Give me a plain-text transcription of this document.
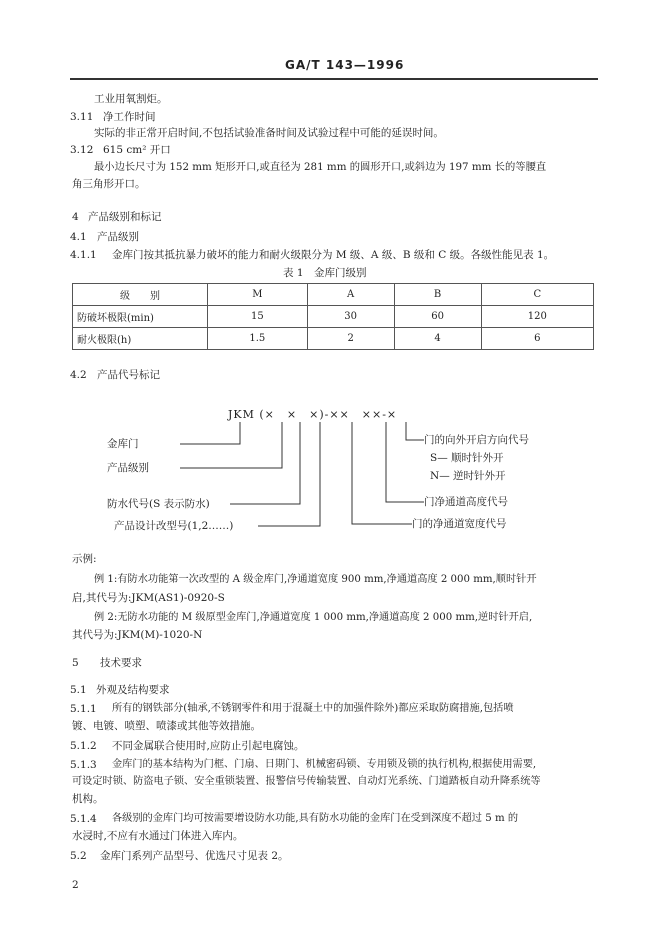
GA/T 143—1996
工业用氧割炬。
3.11 净工作时间
实际的非正常开启时间,不包括试验准备时间及试验过程中可能的延误时间。
3.12 615 cm² 开口
最小边长尺寸为 152 mm 矩形开口,或直径为 281 mm 的圆形开口,或斜边为 197 mm 长的等腰直
角三角形开口。
4 产品级别和标记
4.1 产品级别
4.1.1 金库门按其抵抗暴力破坏的能力和耐火级限分为 M 级、A 级、B 级和 C 级。各级性能见表 1。
表 1　金库门级别
级　　别	M	A	B	C
防破坏极限(min)	15	30	60	120
耐火极限(h)	1.5	2	4	6
4.2 产品代号标记
JKM (×　×　×)-××　××-×
金库门
产品级别
防水代号(S 表示防水)
产品设计改型号(1,2……)
门的向外开启方向代号
S— 顺时针外开
N— 逆时针外开
门净通道高度代号
门的净通道宽度代号
示例:
例 1:有防水功能第一次改型的 A 级金库门,净通道宽度 900 mm,净通道高度 2 000 mm,顺时针开
启,其代号为:JKM(AS1)-0920-S
例 2:无防水功能的 M 级原型金库门,净通道宽度 1 000 mm,净通道高度 2 000 mm,逆时针开启,
其代号为:JKM(M)-1020-N
5 技术要求
5.1 外观及结构要求
5.1.1 所有的钢铁部分(轴承,不锈钢零件和用于混凝土中的加强件除外)都应采取防腐措施,包括喷
镀、电镀、喷塑、喷漆或其他等效措施。
5.1.2 不同金属联合使用时,应防止引起电腐蚀。
5.1.3 金库门的基本结构为门框、门扇、日期门、机械密码锁、专用锁及锁的执行机构,根据使用需要,
可设定时锁、防盗电子锁、安全重锁装置、报警信号传输装置、自动灯光系统、门道踏板自动升降系统等
机构。
5.1.4 各级别的金库门均可按需要增设防水功能,具有防水功能的金库门在受到深度不超过 5 m 的
水浸时,不应有水通过门体进入库内。
5.2 金库门系列产品型号、优选尺寸见表 2。
2
